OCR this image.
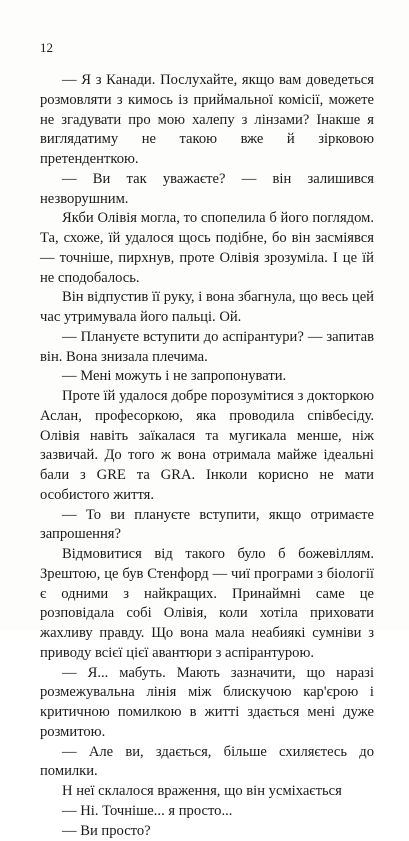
12

— Я з Канади. Послухайте, якщо вам доведеться розмовляти з кимось із приймальної комісії, можете не згадувати про мою халепу з лінзами? Інакше я виглядатиму не такою вже й зірковою претенденткою.

— Ви так уважаєте? — він залишився незворушним.

Якби Олівія могла, то спопелила б його поглядом. Та, схоже, їй удалося щось подібне, бо він засміявся — точніше, пирхнув, проте Олівія зрозуміла. І це їй не сподобалось.

Він відпустив її руку, і вона збагнула, що весь цей час утримувала його пальці. Ой.

— Плануєте вступити до аспірантури? — запитав він. Вона знизала плечима.

— Мені можуть і не запропонувати.

Проте їй удалося добре порозумітися з докторкою Аслан, професоркою, яка проводила співбесіду. Олівія навіть заїкалася та мугикала менше, ніж зазвичай. До того ж вона отримала майже ідеальні бали з GRE та GRA. Інколи корисно не мати особистого життя.

— То ви плануєте вступити, якщо отримаєте запрошення?

Відмовитися від такого було б божевіллям. Зрештою, це був Стенфорд — чиї програми з біології є одними з найкращих. Принаймні саме це розповідала собі Олівія, коли хотіла приховати жахливу правду. Що вона мала неабиякі сумніви з приводу всієї цієї авантюри з аспірантурою.

— Я... мабуть. Мають зазначити, що наразі розмежувальна лінія між блискучою кар'єрою і критичною помилкою в житті здається мені дуже розмитою.

— Але ви, здається, більше схиляєтесь до помилки.

Н неї склалося враження, що він усміхається

— Ні. Точніше... я просто...

— Ви просто?
